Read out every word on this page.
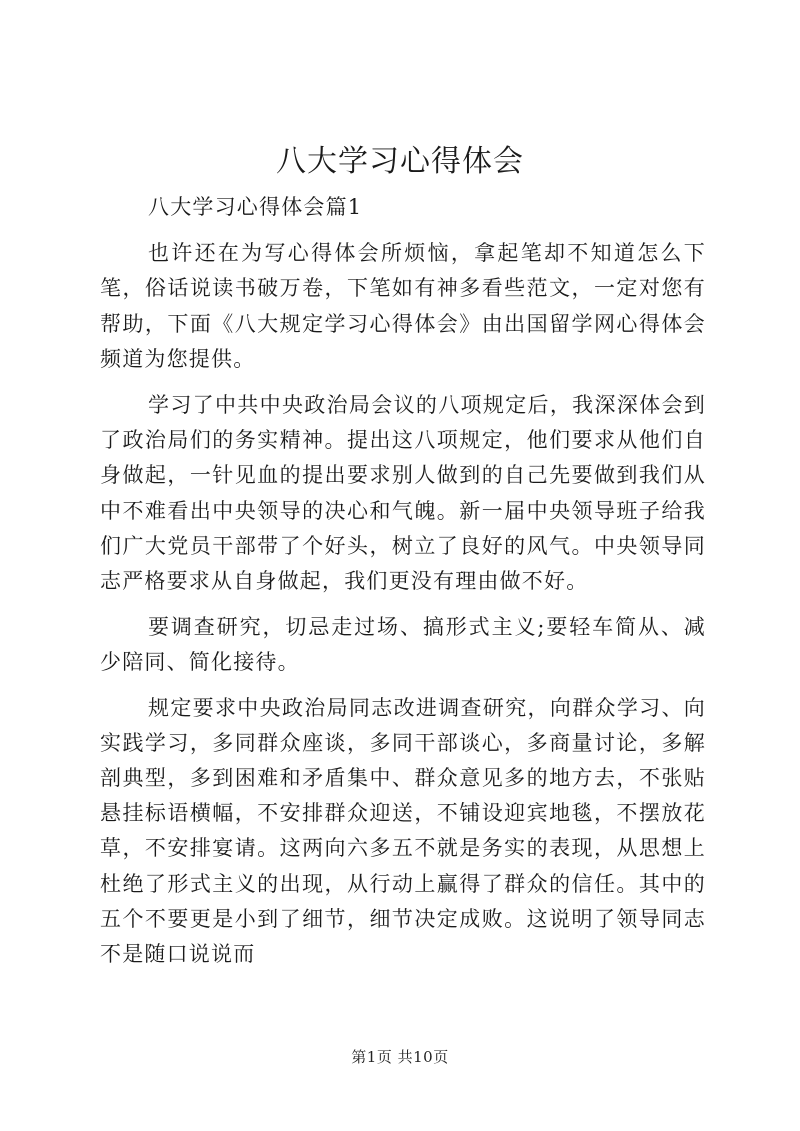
八大学习心得体会

八大学习心得体会篇1

也许还在为写心得体会所烦恼，拿起笔却不知道怎么下笔，俗话说读书破万卷，下笔如有神多看些范文，一定对您有帮助，下面《八大规定学习心得体会》由出国留学网心得体会频道为您提供。

学习了中共中央政治局会议的八项规定后，我深深体会到了政治局们的务实精神。提出这八项规定，他们要求从他们自身做起，一针见血的提出要求别人做到的自己先要做到我们从中不难看出中央领导的决心和气魄。新一届中央领导班子给我们广大党员干部带了个好头，树立了良好的风气。中央领导同志严格要求从自身做起，我们更没有理由做不好。

要调查研究，切忌走过场、搞形式主义;要轻车简从、减少陪同、简化接待。

规定要求中央政治局同志改进调查研究，向群众学习、向实践学习，多同群众座谈，多同干部谈心，多商量讨论，多解剖典型，多到困难和矛盾集中、群众意见多的地方去，不张贴悬挂标语横幅，不安排群众迎送，不铺设迎宾地毯，不摆放花草，不安排宴请。这两向六多五不就是务实的表现，从思想上杜绝了形式主义的出现，从行动上赢得了群众的信任。其中的五个不要更是小到了细节，细节决定成败。这说明了领导同志不是随口说说而

第1页 共10页
